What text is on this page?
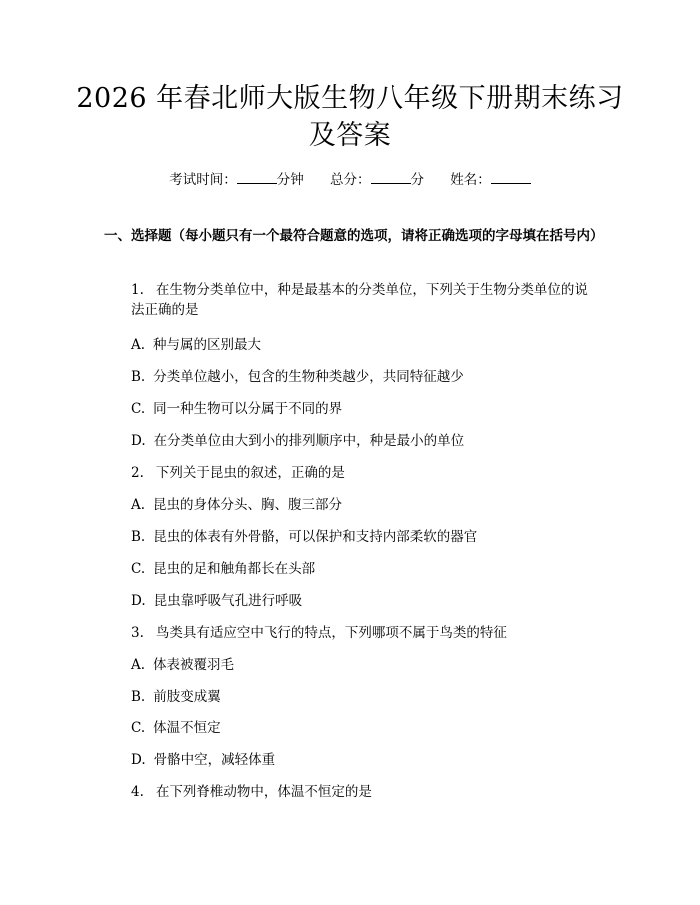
2026 年春北师大版生物八年级下册期末练习
及答案
考试时间：	分钟 总分：	分 姓名：
一、选择题（每小题只有一个最符合题意的选项，请将正确选项的字母填在括号内）
1. 在生物分类单位中，种是最基本的分类单位，下列关于生物分类单位的说法正确的是
A. 种与属的区别最大
B. 分类单位越小，包含的生物种类越少，共同特征越少
C. 同一种生物可以分属于不同的界
D. 在分类单位由大到小的排列顺序中，种是最小的单位
2. 下列关于昆虫的叙述，正确的是
A. 昆虫的身体分头、胸、腹三部分
B. 昆虫的体表有外骨骼，可以保护和支持内部柔软的器官
C. 昆虫的足和触角都长在头部
D. 昆虫靠呼吸气孔进行呼吸
3. 鸟类具有适应空中飞行的特点，下列哪项不属于鸟类的特征
A. 体表被覆羽毛
B. 前肢变成翼
C. 体温不恒定
D. 骨骼中空，减轻体重
4. 在下列脊椎动物中，体温不恒定的是
